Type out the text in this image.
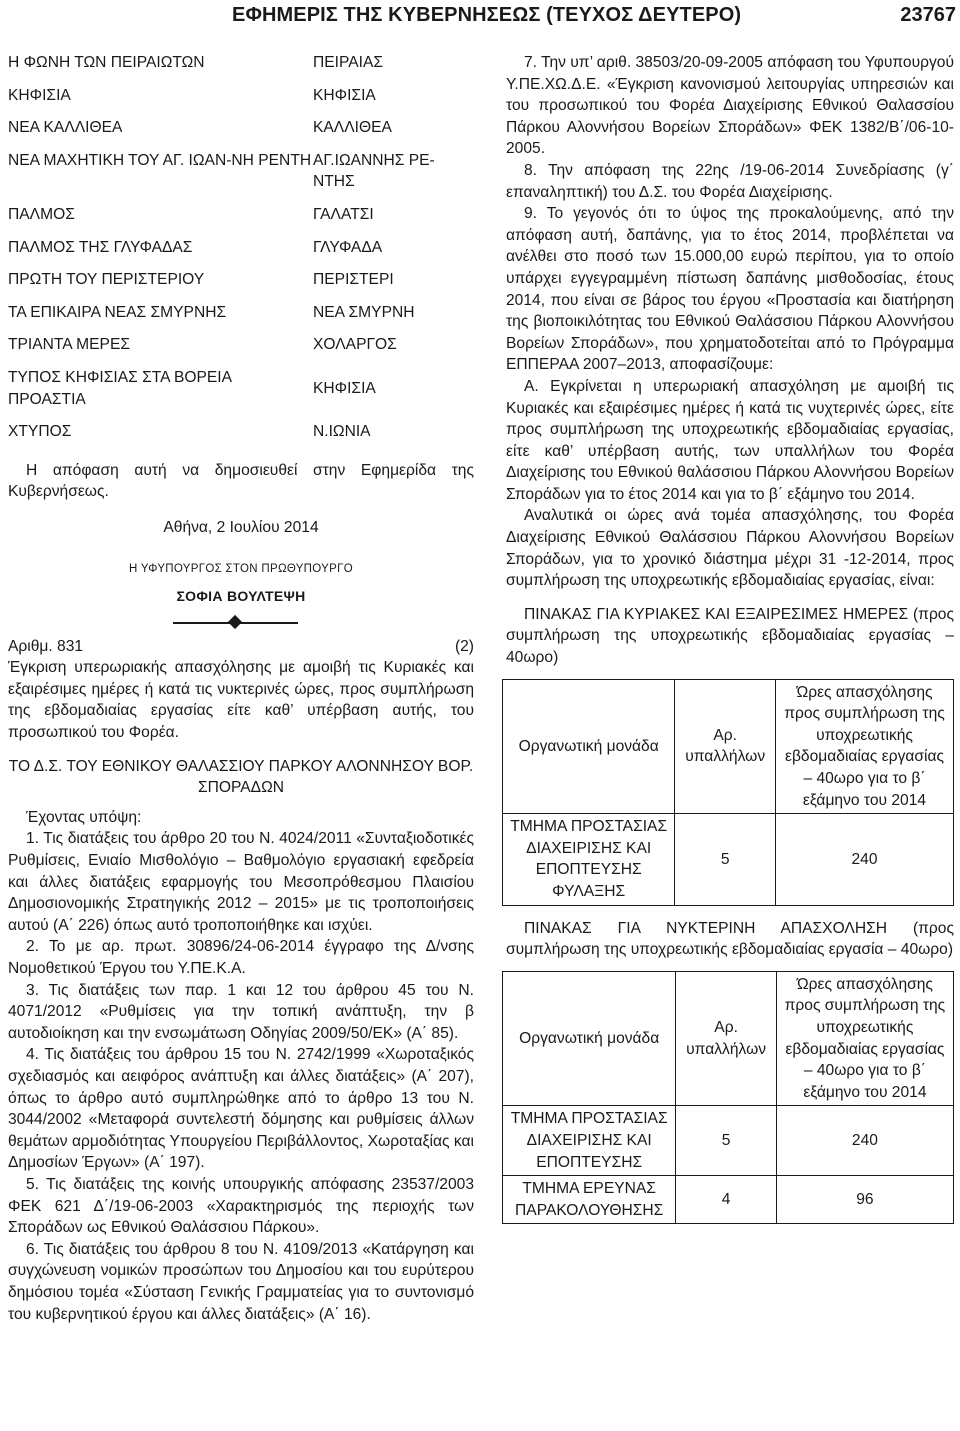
ΕΦΗΜΕΡΙΣ ΤΗΣ ΚΥΒΕΡΝΗΣΕΩΣ (ΤΕΥΧΟΣ ΔΕΥΤΕΡΟ)	23767
Η ΦΩΝΗ ΤΩΝ ΠΕΙΡΑΙΩΤΩΝ	ΠΕΙΡΑΙΑΣ
ΚΗΦΙΣΙΑ	ΚΗΦΙΣΙΑ
ΝΕΑ ΚΑΛΛΙΘΕΑ	ΚΑΛΛΙΘΕΑ
ΝΕΑ ΜΑΧΗΤΙΚΗ ΤΟΥ ΑΓ. ΙΩΑΝ-ΝΗ ΡΕΝΤΗ	ΑΓ.ΙΩΑΝΝΗΣ ΡΕ-ΝΤΗΣ
ΠΑΛΜΟΣ	ΓΑΛΑΤΣΙ
ΠΑΛΜΟΣ ΤΗΣ ΓΛΥΦΑΔΑΣ	ΓΛΥΦΑΔΑ
ΠΡΩΤΗ ΤΟΥ ΠΕΡΙΣΤΕΡΙΟΥ	ΠΕΡΙΣΤΕΡΙ
ΤΑ ΕΠΙΚΑΙΡΑ ΝΕΑΣ ΣΜΥΡΝΗΣ	ΝΕΑ ΣΜΥΡΝΗ
ΤΡΙΑΝΤΑ ΜΕΡΕΣ	ΧΟΛΑΡΓΟΣ
ΤΥΠΟΣ ΚΗΦΙΣΙΑΣ ΣΤΑ ΒΟΡΕΙΑ ΠΡΟΑΣΤΙΑ	ΚΗΦΙΣΙΑ
ΧΤΥΠΟΣ	Ν.ΙΩΝΙΑ

Η απόφαση αυτή να δημοσιευθεί στην Εφημερίδα της Κυβερνήσεως.

Αθήνα, 2 Ιουλίου 2014

Η ΥΦΥΠΟΥΡΓΟΣ ΣΤΟΝ ΠΡΩΘΥΠΟΥΡΓΟ

ΣΟΦΙΑ ΒΟΥΛΤΕΨΗ

Αριθμ. 831	(2)

Έγκριση υπερωριακής απασχόλησης με αμοιβή τις Κυριακές και εξαιρέσιμες ημέρες ή κατά τις νυκτερινές ώρες, προς συμπλήρωση της εβδομαδιαίας εργασίας είτε καθ’ υπέρβαση αυτής, του προσωπικού του Φορέα.

ΤΟ Δ.Σ. ΤΟΥ ΕΘΝΙΚΟΥ ΘΑΛΑΣΣΙΟΥ ΠΑΡΚΟΥ ΑΛΟΝΝΗΣΟΥ ΒΟΡ. ΣΠΟΡΑΔΩΝ

Έχοντας υπόψη:

1. Τις διατάξεις του άρθρο 20 του Ν. 4024/2011 «Συνταξιοδοτικές Ρυθμίσεις, Ενιαίο Μισθολόγιο – Βαθμολόγιο εργασιακή εφεδρεία και άλλες διατάξεις εφαρμογής του Μεσοπρόθεσμου Πλαισίου Δημοσιονομικής Στρατηγικής 2012 – 2015» με τις τροποποιήσεις αυτού (Α΄ 226) όπως αυτό τροποποιήθηκε και ισχύει.

2. Το με αρ. πρωτ. 30896/24-06-2014 έγγραφο της Δ/νσης Νομοθετικού Έργου του Υ.ΠΕ.Κ.Α.

3. Τις διατάξεις των παρ. 1 και 12 του άρθρου 45 του Ν. 4071/2012 «Ρυθμίσεις για την τοπική ανάπτυξη, την β αυτοδιοίκηση και την ενσωμάτωση Οδηγίας 2009/50/ΕΚ» (Α΄ 85).

4. Τις διατάξεις του άρθρου 15 του Ν. 2742/1999 «Χωροταξικός σχεδιασμός και αειφόρος ανάπτυξη και άλλες διατάξεις» (Α΄ 207), όπως το άρθρο αυτό συμπληρώθηκε από το άρθρο 13 του Ν. 3044/2002 «Μεταφορά συντελεστή δόμησης και ρυθμίσεις άλλων θεμάτων αρμοδιότητας Υπουργείου Περιβάλλοντος, Χωροταξίας και Δημοσίων Έργων» (Α΄ 197).

5. Τις διατάξεις της κοινής υπουργικής απόφασης 23537/2003 ΦΕΚ 621 Δ΄/19-06-2003 «Χαρακτηρισμός της περιοχής των Σποράδων ως Εθνικού Θαλάσσιου Πάρκου».

6. Τις διατάξεις του άρθρου 8 του Ν. 4109/2013 «Κατάργηση και συγχώνευση νομικών προσώπων του Δημοσίου και του ευρύτερου δημόσιου τομέα «Σύσταση Γενικής Γραμματείας για το συντονισμό του κυβερνητικού έργου και άλλες διατάξεις» (Α΄ 16).

7. Την υπ’ αριθ. 38503/20-09-2005 απόφαση του Υφυπουργού Υ.ΠΕ.ΧΩ.Δ.Ε. «Έγκριση κανονισμού λειτουργίας υπηρεσιών και του προσωπικού του Φορέα Διαχείρισης Εθνικού Θαλασσίου Πάρκου Αλοννήσου Βορείων Σποράδων» ΦΕΚ 1382/Β΄/06-10-2005.

8. Την απόφαση της 22ης /19-06-2014 Συνεδρίασης (γ΄ επαναληπτική) του Δ.Σ. του Φορέα Διαχείρισης.

9. Το γεγονός ότι το ύψος της προκαλούμενης, από την απόφαση αυτή, δαπάνης, για το έτος 2014, προβλέπεται να ανέλθει στο ποσό των 15.000,00 ευρώ περίπου, για το οποίο υπάρχει εγγεγραμμένη πίστωση δαπάνης μισθοδοσίας, έτους 2014, που είναι σε βάρος του έργου «Προστασία και διατήρηση της βιοποικιλότητας του Εθνικού Θαλάσσιου Πάρκου Αλοννήσου Βορείων Σποράδων», που χρηματοδοτείται από το Πρόγραμμα ΕΠΠΕΡΑΑ 2007–2013, αποφασίζουμε:

Α. Εγκρίνεται η υπερωριακή απασχόληση με αμοιβή τις Κυριακές και εξαιρέσιμες ημέρες ή κατά τις νυχτερινές ώρες, είτε προς συμπλήρωση της υποχρεωτικής εβδομαδιαίας εργασίας, είτε καθ’ υπέρβαση αυτής, των υπαλλήλων του Φορέα Διαχείρισης του Εθνικού θαλάσσιου Πάρκου Αλοννήσου Βορείων Σποράδων για το έτος 2014 και για το β΄ εξάμηνο του 2014.

Αναλυτικά οι ώρες ανά τομέα απασχόλησης, του Φορέα Διαχείρισης Εθνικού Θαλάσσιου Πάρκου Αλοννήσου Βορείων Σποράδων, για το χρονικό διάστημα μέχρι 31 -12-2014, προς συμπλήρωση της υποχρεωτικής εβδομαδιαίας εργασίας, είναι:

ΠΙΝΑΚΑΣ ΓΙΑ ΚΥΡΙΑΚΕΣ ΚΑΙ ΕΞΑΙΡΕΣΙΜΕΣ ΗΜΕΡΕΣ (προς συμπλήρωση της υποχρεωτικής εβδομαδιαίας εργασίας – 40ωρο)

Οργανωτική μονάδα	Αρ. υπαλλήλων	Ώρες απασχόλησης προς συμπλήρωση της υποχρεωτικής εβδομαδιαίας εργασίας – 40ωρο για το β΄ εξάμηνο του 2014
ΤΜΗΜΑ ΠΡΟΣΤΑΣΙΑΣ ΔΙΑΧΕΙΡΙΣΗΣ ΚΑΙ ΕΠΟΠΤΕΥΣΗΣ ΦΥΛΑΞΗΣ	5	240

ΠΙΝΑΚΑΣ ΓΙΑ ΝΥΚΤΕΡΙΝΗ ΑΠΑΣΧΟΛΗΣΗ (προς συμπλήρωση της υποχρεωτικής εβδομαδιαίας εργασία – 40ωρο)

Οργανωτική μονάδα	Αρ. υπαλλήλων	Ώρες απασχόλησης προς συμπλήρωση της υποχρεωτικής εβδομαδιαίας εργασίας – 40ωρο για το β΄ εξάμηνο του 2014
ΤΜΗΜΑ ΠΡΟΣΤΑΣΙΑΣ ΔΙΑΧΕΙΡΙΣΗΣ ΚΑΙ ΕΠΟΠΤΕΥΣΗΣ	5	240
ΤΜΗΜΑ ΕΡΕΥΝΑΣ ΠΑΡΑΚΟΛΟΥΘΗΣΗΣ	4	96
